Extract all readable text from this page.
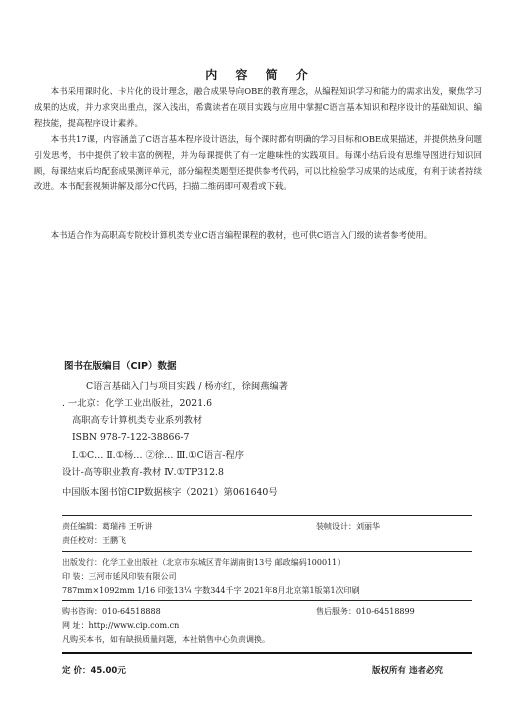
内 容 简 介
本书采用课时化、卡片化的设计理念，融合成果导向OBE的教育理念，从编程知识学习和能力的需求出发，聚焦学习成果的达成，并力求突出重点，深入浅出，希冀读者在项目实践与应用中掌握C语言基本知识和程序设计的基础知识、编程技能，提高程序设计素养。
本书共17课，内容涵盖了C语言基本程序设计语法，每个课时都有明确的学习目标和OBE成果描述，并提供热身问题引发思考，书中提供了较丰富的例程，并为每课提供了有一定趣味性的实践项目。每课小结后设有思维导图进行知识回顾，每课结束后均配套成果测评单元，部分编程类题型还提供参考代码，可以比检验学习成果的达成度，有利于读者持续改进。本书配套视频讲解及部分C代码，扫描二维码即可观看或下载。
本书适合作为高职高专院校计算机类专业C语言编程课程的教材，也可供C语言入门级的读者参考使用。
图书在版编目（CIP）数据
C语言基础入门与项目实践 / 杨亦红，徐闽燕编著
. 一北京：化学工业出版社，2021.6
高职高专计算机类专业系列教材
ISBN 978-7-122-38866-7
Ⅰ.①C… Ⅱ.①杨… ②徐… Ⅲ.①C语言-程序
设计-高等职业教育-教材 Ⅳ.①TP312.8
中国版本图书馆CIP数据核字（2021）第061640号
责任编辑：葛瑞祎 王听讲	装帧设计：刘丽华
责任校对：王鹏飞
出版发行：化学工业出版社（北京市东城区青年湖南街13号 邮政编码100011）
印 装：三河市延风印装有限公司
787mm×1092mm 1/16 印张13¼ 字数344千字 2021年8月北京第1版第1次印刷
购书咨询：010-64518888	售后服务：010-64518899
网 址：http://www.cip.com.cn
凡购买本书，如有缺损质量问题，本社销售中心负责调换。
定 价：45.00元	版权所有 违者必究
